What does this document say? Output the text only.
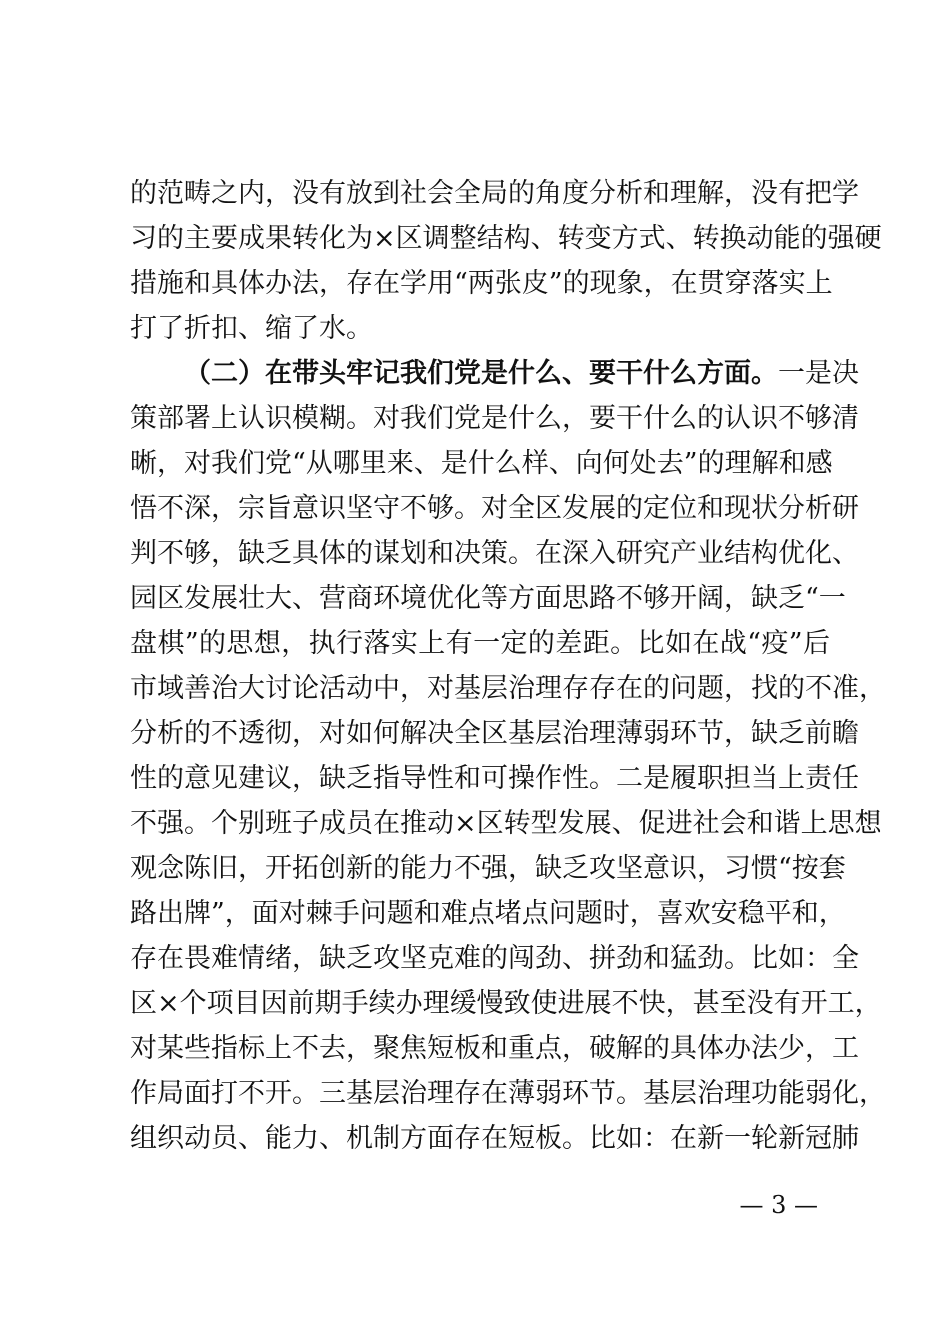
的范畴之内，没有放到社会全局的角度分析和理解，没有把学
习的主要成果转化为×区调整结构、转变方式、转换动能的强硬
措施和具体办法，存在学用“两张皮”的现象，在贯穿落实上
打了折扣、缩了水。
（二）在带头牢记我们党是什么、要干什么方面。一是决
策部署上认识模糊。对我们党是什么，要干什么的认识不够清
晰，对我们党“从哪里来、是什么样、向何处去”的理解和感
悟不深，宗旨意识坚守不够。对全区发展的定位和现状分析研
判不够，缺乏具体的谋划和决策。在深入研究产业结构优化、
园区发展壮大、营商环境优化等方面思路不够开阔，缺乏“一
盘棋”的思想，执行落实上有一定的差距。比如在战“疫”后
市域善治大讨论活动中，对基层治理存存在的问题，找的不准，
分析的不透彻，对如何解决全区基层治理薄弱环节，缺乏前瞻
性的意见建议，缺乏指导性和可操作性。二是履职担当上责任
不强。个别班子成员在推动×区转型发展、促进社会和谐上思想
观念陈旧，开拓创新的能力不强，缺乏攻坚意识，习惯“按套
路出牌”，面对棘手问题和难点堵点问题时，喜欢安稳平和，
存在畏难情绪，缺乏攻坚克难的闯劲、拼劲和猛劲。比如：全
区×个项目因前期手续办理缓慢致使进展不快，甚至没有开工，
对某些指标上不去，聚焦短板和重点，破解的具体办法少，工
作局面打不开。三基层治理存在薄弱环节。基层治理功能弱化，
组织动员、能力、机制方面存在短板。比如：在新一轮新冠肺
— 3 —
